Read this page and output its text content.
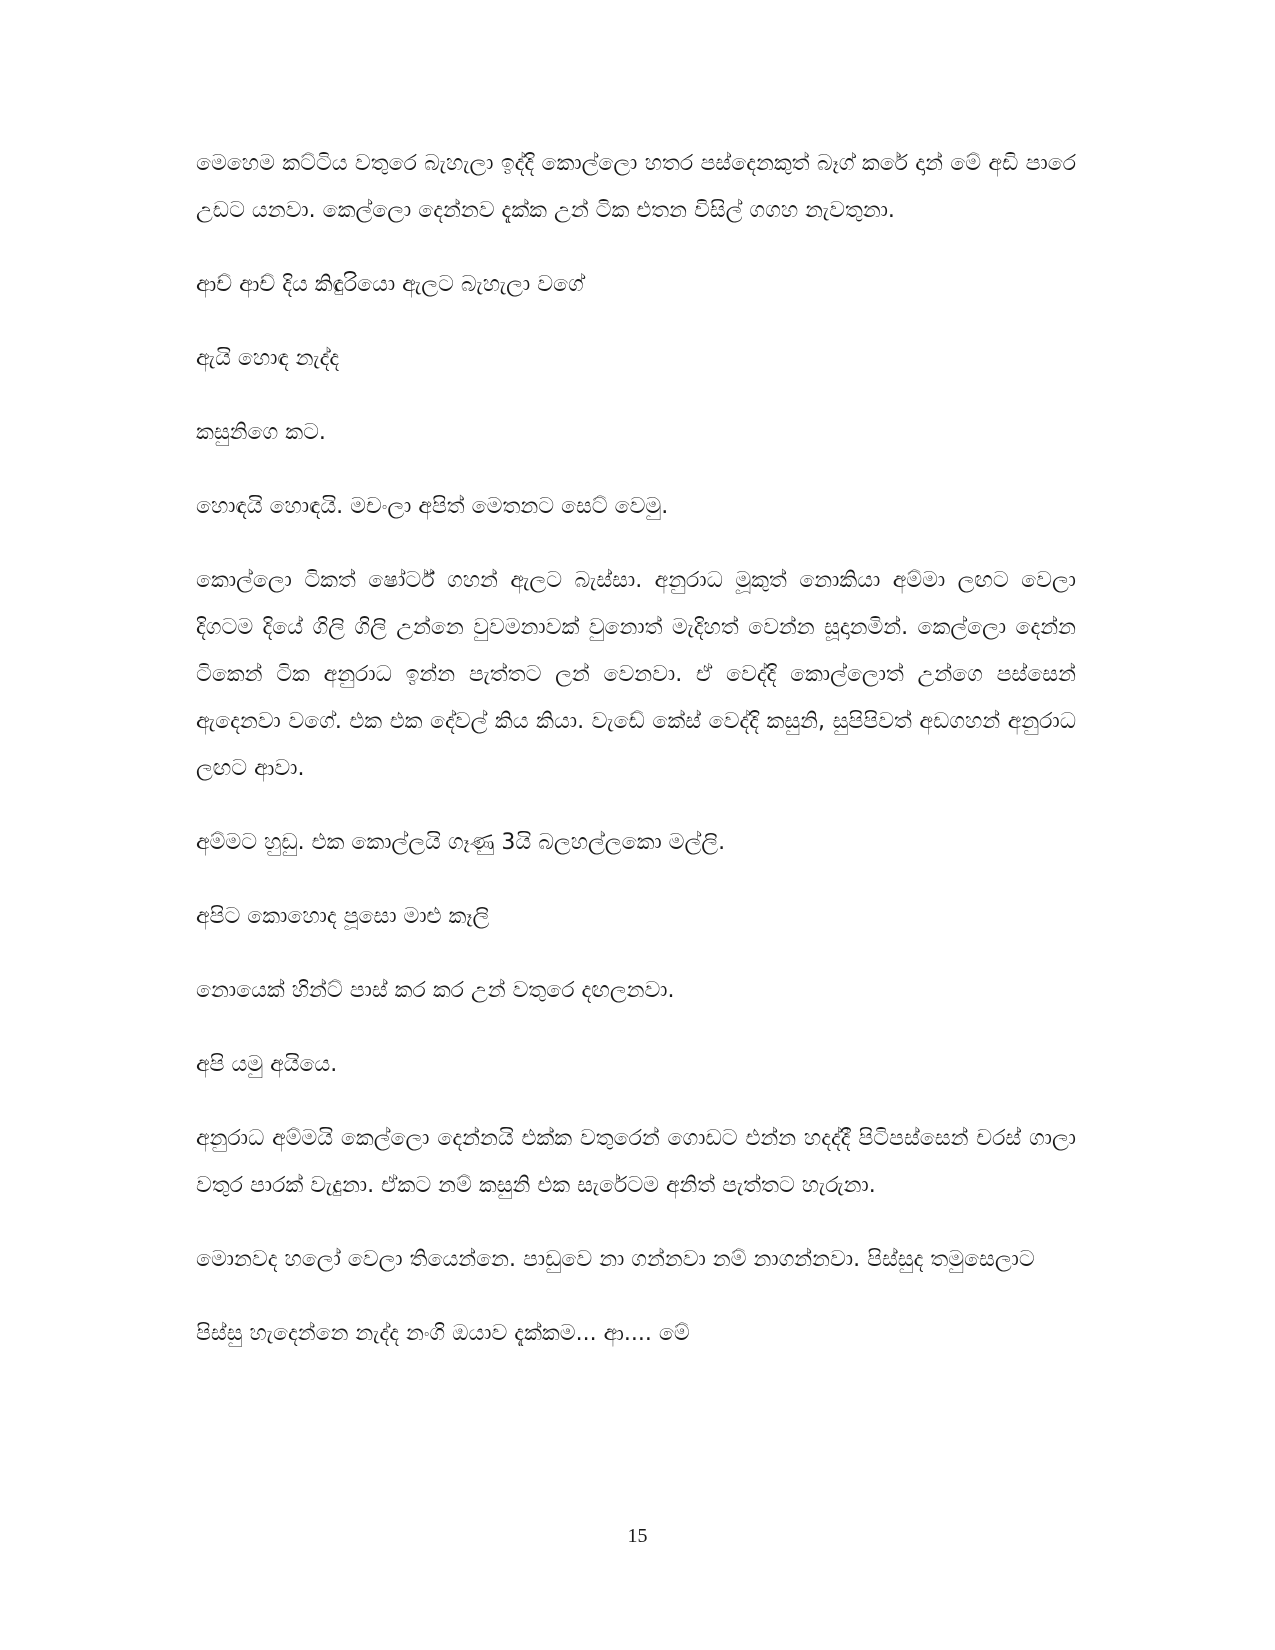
මෙහෙම කට්ටිය වතුරෙ බැහැලා ඉද්දි කොල්ලො හතර පස්දෙනකුත් බෑග් කරේ දාන් මේ අඩි පාරෙ උඩට යනවා. කෙල්ලො දෙන්නව දැක්ක උන් ටික එතන විසිල් ගගහ නැවතුනා.

ආච් ආච් දිය කිඳුරියො ඇලට බැහැලා වගේ

ඇයි හොඳ නැද්ද

කසුනිගෙ කට.

හොඳයි හොඳයි. මචංලා අපිත් මෙතනට සෙට් වෙමු.

කොල්ලො ටිකත් ෂෝර්ට් ගහන් ඇලට බැස්සා. අනුරාධ මූකුත් නොකියා අම්මා ලඟට වෙලා දිගටම දියේ ගිලි ගිලි උන්නෙ වුවමනාවක් වුනොත් මැදිහත් වෙන්න සූදානමින්. කෙල්ලො දෙන්න ටිකෙන් ටික අනුරාධ ඉන්න පැත්තට ලන් වෙනවා. ඒ වෙද්දි කොල්ලොත් උන්ගෙ පස්සෙන් ඇදෙනවා වගේ. එක එක දේවල් කිය කියා. වැඩේ කේස් වෙද්දි කසුනි, සුපිපිවත් අඩගහන් අනුරාධ ලඟට ආවා.

අම්මට හුඩු. එක කොල්ලයි ගෑණු 3යි බලහල්ලකො මල්ලි.

අපිට කොහොද පූසො මාළු කෑලි

නොයෙක් හින්ට් පාස් කර කර උන් වතුරෙ දඟලනවා.

අපි යමු අයියෙ.

අනුරාධ අම්මයි කෙල්ලො දෙන්නයි එක්ක වතුරෙන් ගොඩට එන්න හදද්දී පිටිපස්සෙන් චරස් ගාලා වතුර පාරක් වැදුනා. ඒකට නම් කසුනි එක සැරේටම අනිත් පැත්තට හැරුනා.

මොනවද හලෝ වෙලා තියෙන්නෙ. පාඩුවෙ නා ගන්නවා නම් නාගන්නවා. පිස්සුද තමුසෙලාට

පිස්සු හැදෙන්නෙ නැද්ද නංගි ඔයාව දැක්කම... ආ.... මේ

15
